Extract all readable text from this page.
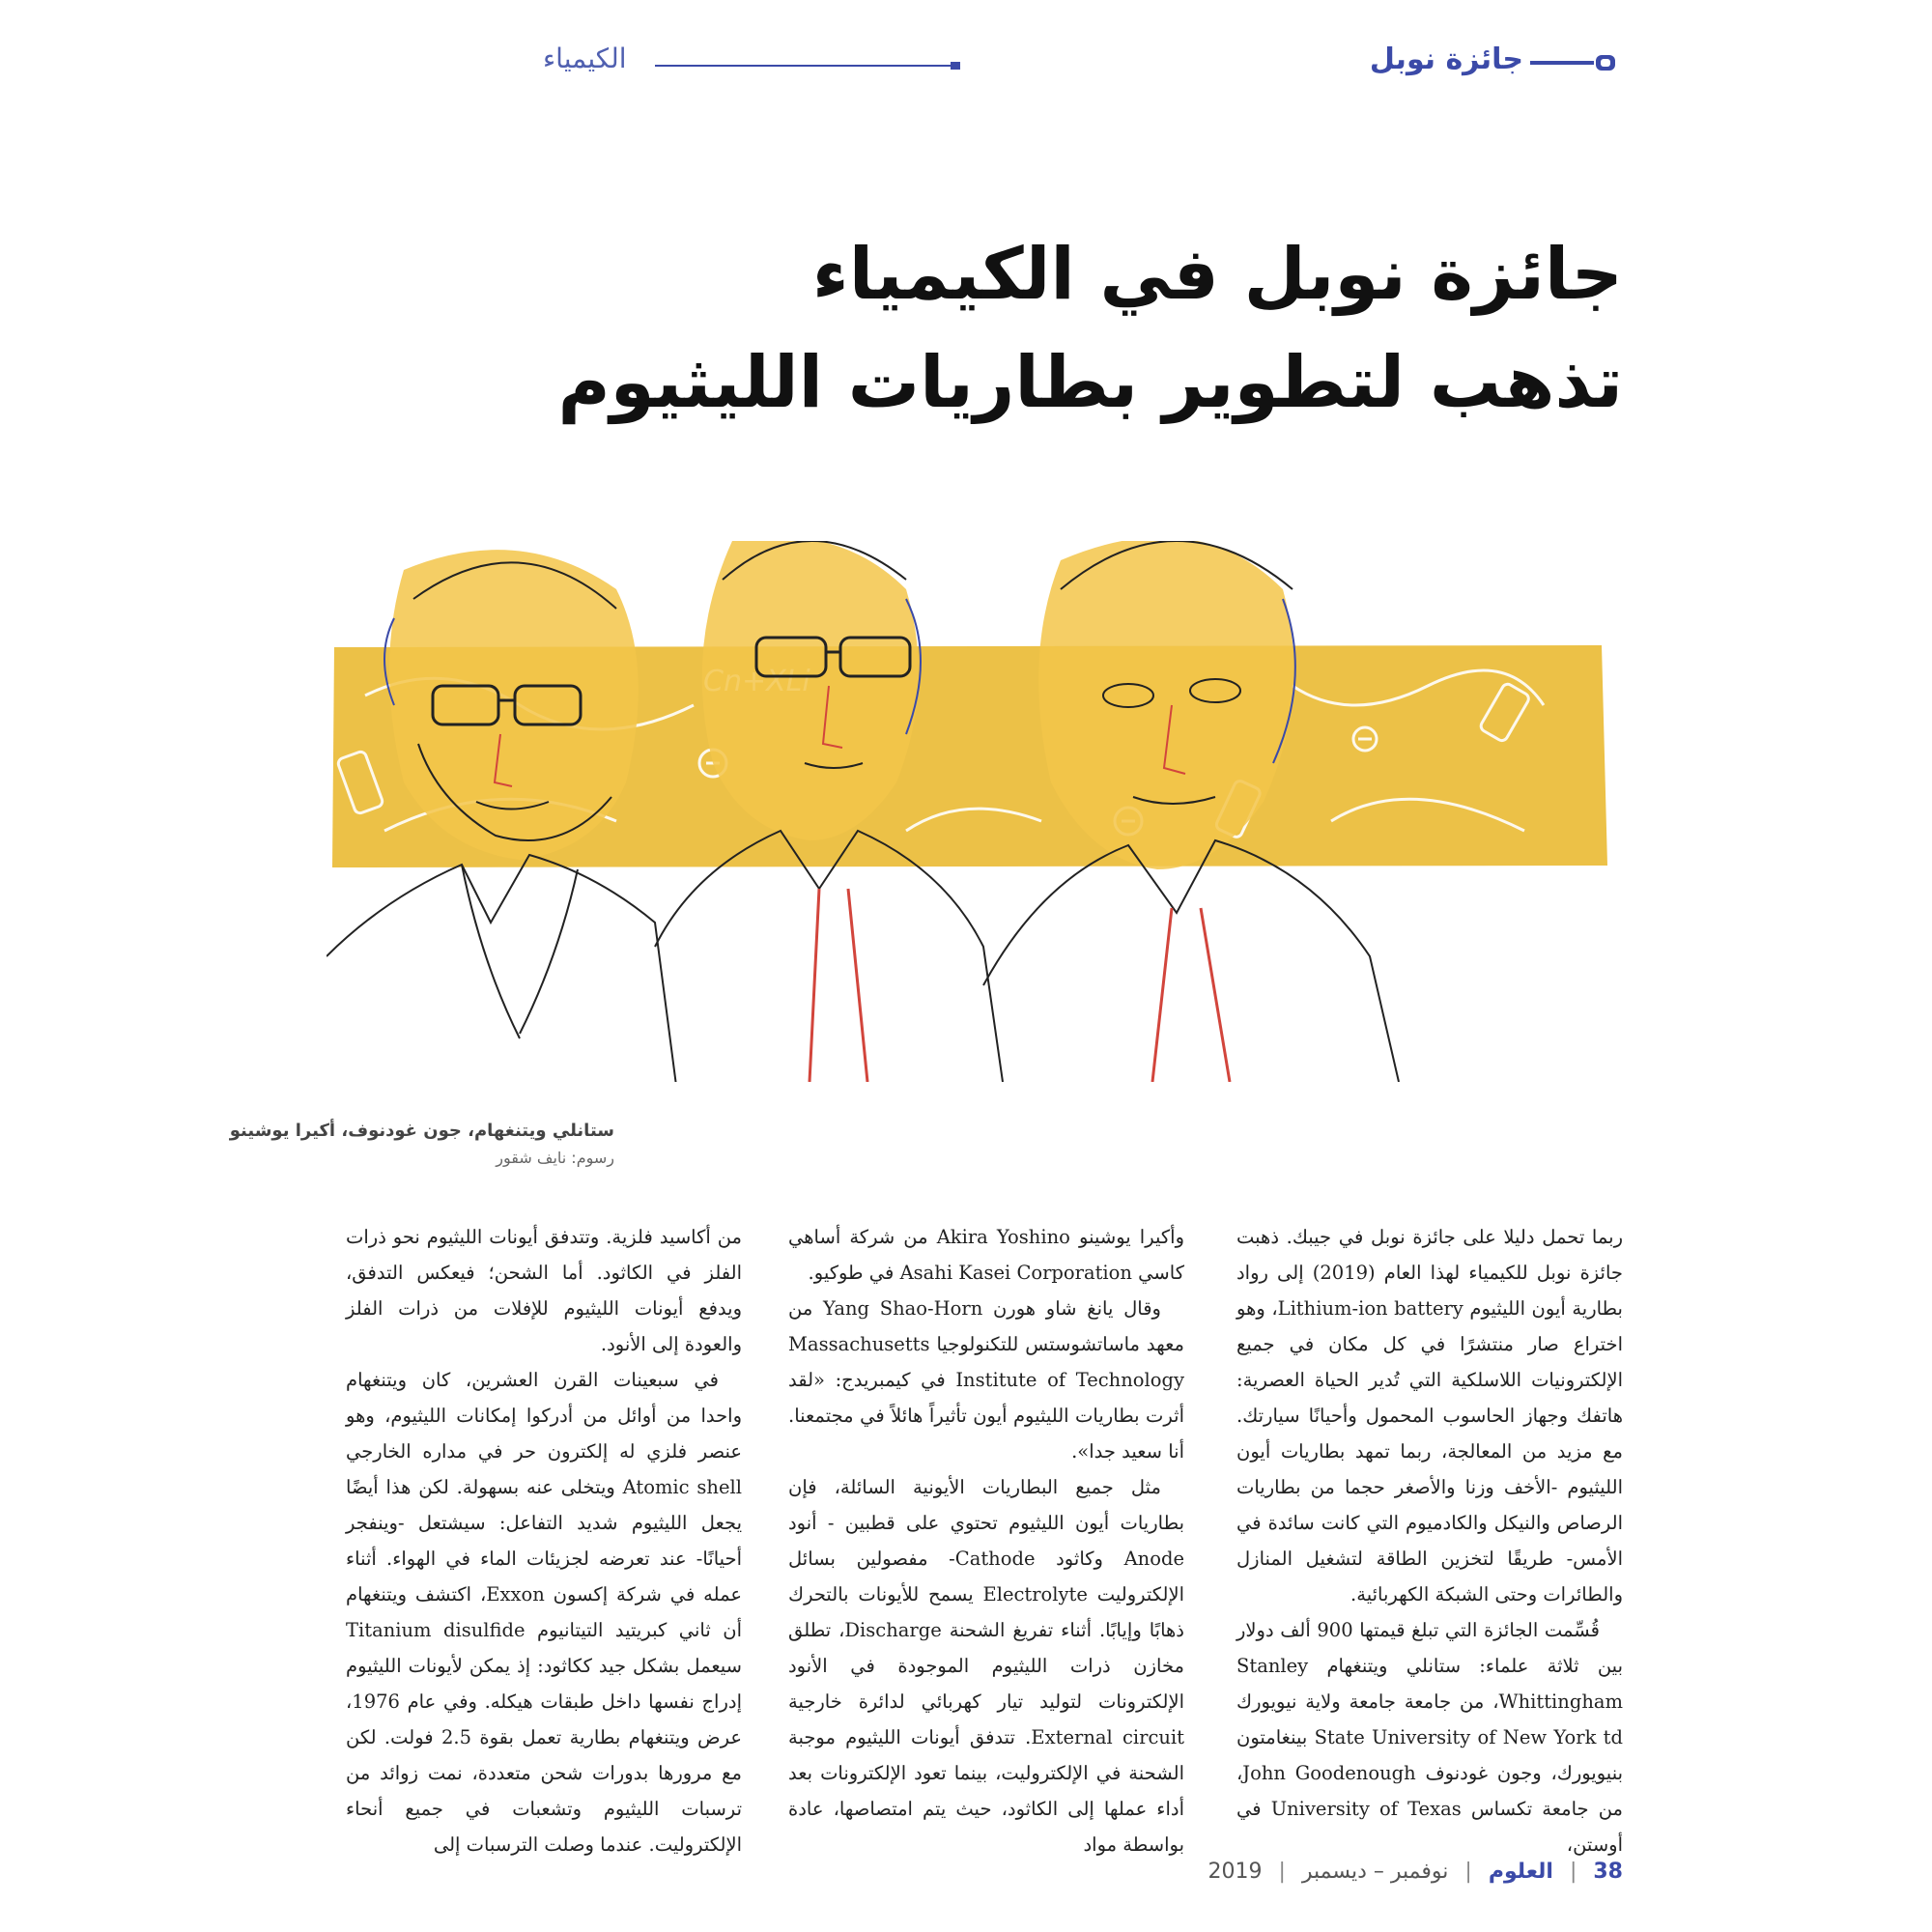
جائزة نوبل
الكيمياء
جائزة نوبل في الكيمياء
تذهب لتطوير بطاريات الليثيوم
ستانلي ويتنغهام، جون غودنوف، أكيرا يوشينو
رسوم: نايف شقور

ربما تحمل دليلا على جائزة نوبل في جيبك. ذهبت جائزة نوبل للكيمياء لهذا العام (2019) إلى رواد بطارية أيون الليثيوم Lithium-ion battery، وهو اختراع صار منتشرًا في كل مكان في جميع الإلكترونيات اللاسلكية التي تُدير الحياة العصرية: هاتفك وجهاز الحاسوب المحمول وأحيانًا سيارتك. مع مزيد من المعالجة، ربما تمهد بطاريات أيون الليثيوم -الأخف وزنا والأصغر حجما من بطاريات الرصاص والنيكل والكادميوم التي كانت سائدة في الأمس- طريقًا لتخزين الطاقة لتشغيل المنازل والطائرات وحتى الشبكة الكهربائية.

قُسِّمت الجائزة التي تبلغ قيمتها 900 ألف دولار بين ثلاثة علماء: ستانلي ويتنغهام Stanley Whittingham، من جامعة جامعة ولاية نيويورك State University of New York td بينغامتون بنيويورك، وجون غودنوف John Goodenough، من جامعة تكساس University of Texas في أوستن،

وأكيرا يوشينو Akira Yoshino من شركة أساهي كاسي Asahi Kasei Corporation في طوكيو.

وقال يانغ شاو هورن Yang Shao-Horn من معهد ماساتشوستس للتكنولوجيا Massachusetts Institute of Technology في كيمبريدج: «لقد أثرت بطاريات الليثيوم أيون تأثيراً هائلاً في مجتمعنا. أنا سعيد جدا».

مثل جميع البطاريات الأيونية السائلة، فإن بطاريات أيون الليثيوم تحتوي على قطبين - أنود Anode وكاثود Cathode- مفصولين بسائل الإلكتروليت Electrolyte يسمح للأيونات بالتحرك ذهابًا وإيابًا. أثناء تفريغ الشحنة Discharge، تطلق مخازن ذرات الليثيوم الموجودة في الأنود الإلكترونات لتوليد تيار كهربائي لدائرة خارجية External circuit. تتدفق أيونات الليثيوم موجبة الشحنة في الإلكتروليت، بينما تعود الإلكترونات بعد أداء عملها إلى الكاثود، حيث يتم امتصاصها، عادة بواسطة مواد

من أكاسيد فلزية. وتتدفق أيونات الليثيوم نحو ذرات الفلز في الكاثود. أما الشحن؛ فيعكس التدفق، ويدفع أيونات الليثيوم للإفلات من ذرات الفلز والعودة إلى الأنود.

في سبعينات القرن العشرين، كان ويتنغهام واحدا من أوائل من أدركوا إمكانات الليثيوم، وهو عنصر فلزي له إلكترون حر في مداره الخارجي Atomic shell ويتخلى عنه بسهولة. لكن هذا أيضًا يجعل الليثيوم شديد التفاعل: سيشتعل -وينفجر أحيانًا- عند تعرضه لجزيئات الماء في الهواء. أثناء عمله في شركة إكسون Exxon، اكتشف ويتنغهام أن ثاني كبريتيد التيتانيوم Titanium disulfide سيعمل بشكل جيد ككاثود: إذ يمكن لأيونات الليثيوم إدراج نفسها داخل طبقات هيكله. وفي عام 1976، عرض ويتنغهام بطارية تعمل بقوة 2.5 فولت. لكن مع مرورها بدورات شحن متعددة، نمت زوائد من ترسبات الليثيوم وتشعبات في جميع أنحاء الإلكتروليت. عندما وصلت الترسبات إلى

38 | العلوم | نوفمبر – ديسمبر | 2019
